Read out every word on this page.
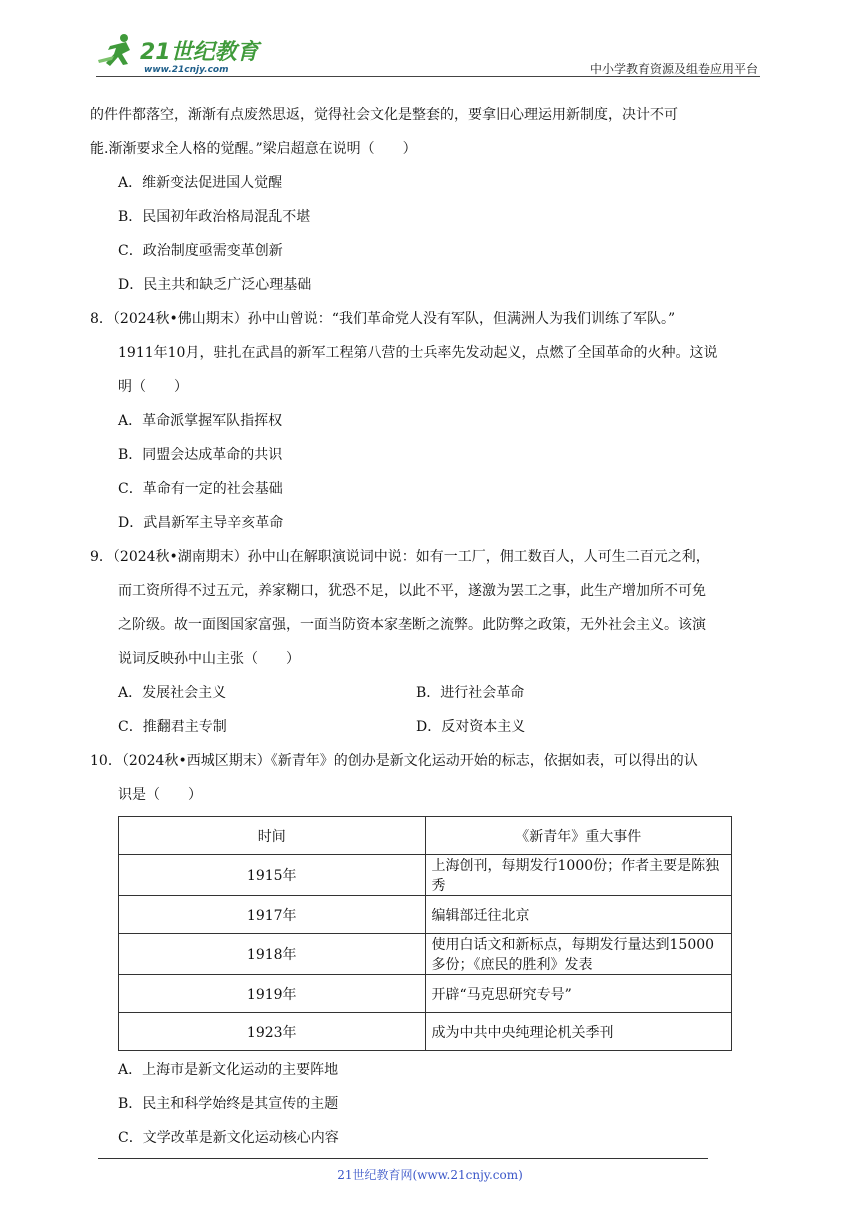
21世纪教育
www.21cnjy.com	中小学教育资源及组卷应用平台

的件件都落空，渐渐有点废然思返，觉得社会文化是整套的，要拿旧心理运用新制度，决计不可

能.渐渐要求全人格的觉醒。”梁启超意在说明（　　）

A．维新变法促进国人觉醒

B．民国初年政治格局混乱不堪

C．政治制度亟需变革创新

D．民主共和缺乏广泛心理基础

8．（2024秋•佛山期末）孙中山曾说：“我们革命党人没有军队，但满洲人为我们训练了军队。”

1911年10月，驻扎在武昌的新军工程第八营的士兵率先发动起义，点燃了全国革命的火种。这说

明（　　）

A．革命派掌握军队指挥权

B．同盟会达成革命的共识

C．革命有一定的社会基础

D．武昌新军主导辛亥革命

9．（2024秋•湖南期末）孙中山在解职演说词中说：如有一工厂，佣工数百人，人可生二百元之利，

而工资所得不过五元，养家糊口，犹恐不足，以此不平，遂激为罢工之事，此生产增加所不可免

之阶级。故一面图国家富强，一面当防资本家垄断之流弊。此防弊之政策，无外社会主义。该演

说词反映孙中山主张（　　）

A．发展社会主义	B．进行社会革命
C．推翻君主专制	D．反对资本主义

10．（2024秋•西城区期末）《新青年》的创办是新文化运动开始的标志，依据如表，可以得出的认

识是（　　）

时间	《新青年》重大事件
1915年	上海创刊，每期发行1000份；作者主要是陈独秀
1917年	编辑部迁往北京
1918年	使用白话文和新标点，每期发行量达到15000多份；《庶民的胜利》发表
1919年	开辟“马克思研究专号”
1923年	成为中共中央纯理论机关季刊

A．上海市是新文化运动的主要阵地

B．民主和科学始终是其宣传的主题

C．文学改革是新文化运动核心内容

21世纪教育网(www.21cnjy.com)
